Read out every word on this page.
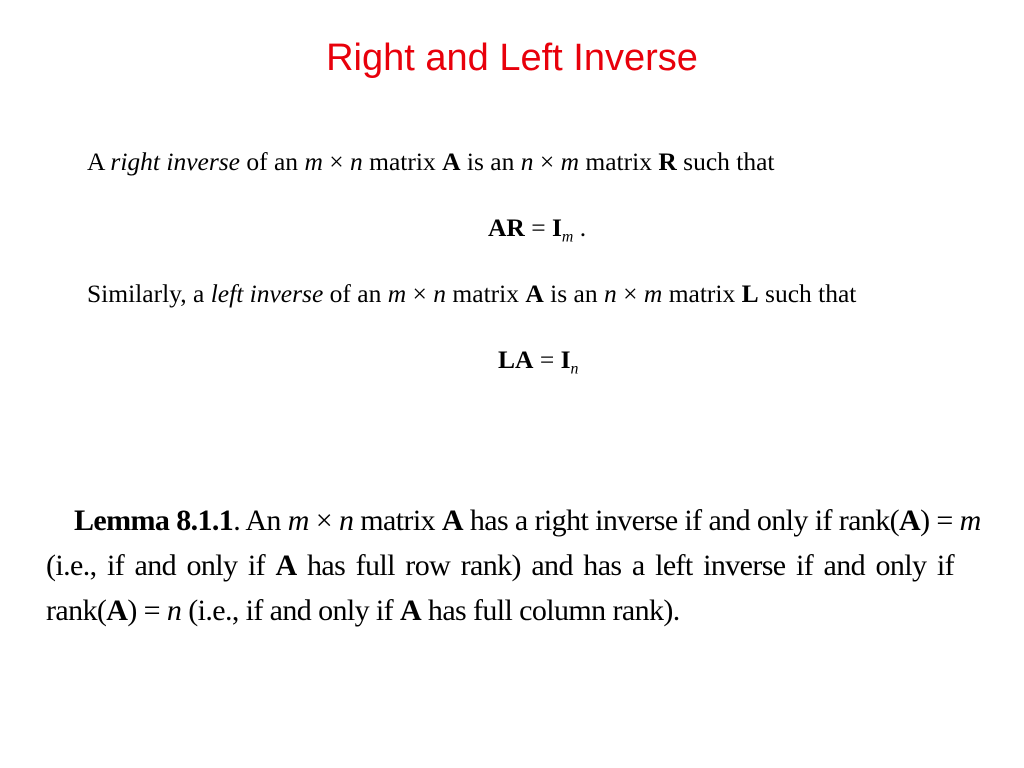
Right and Left Inverse
A right inverse of an m × n matrix A is an n × m matrix R such that
AR = $I_m$ .
Similarly, a left inverse of an m × n matrix A is an n × m matrix L such that
LA = $I_n$
Lemma 8.1.1. An m × n matrix A has a right inverse if and only if rank(A) = m
(i.e., if and only if A has full row rank) and has a left inverse if and only if
rank(A) = n (i.e., if and only if A has full column rank).
